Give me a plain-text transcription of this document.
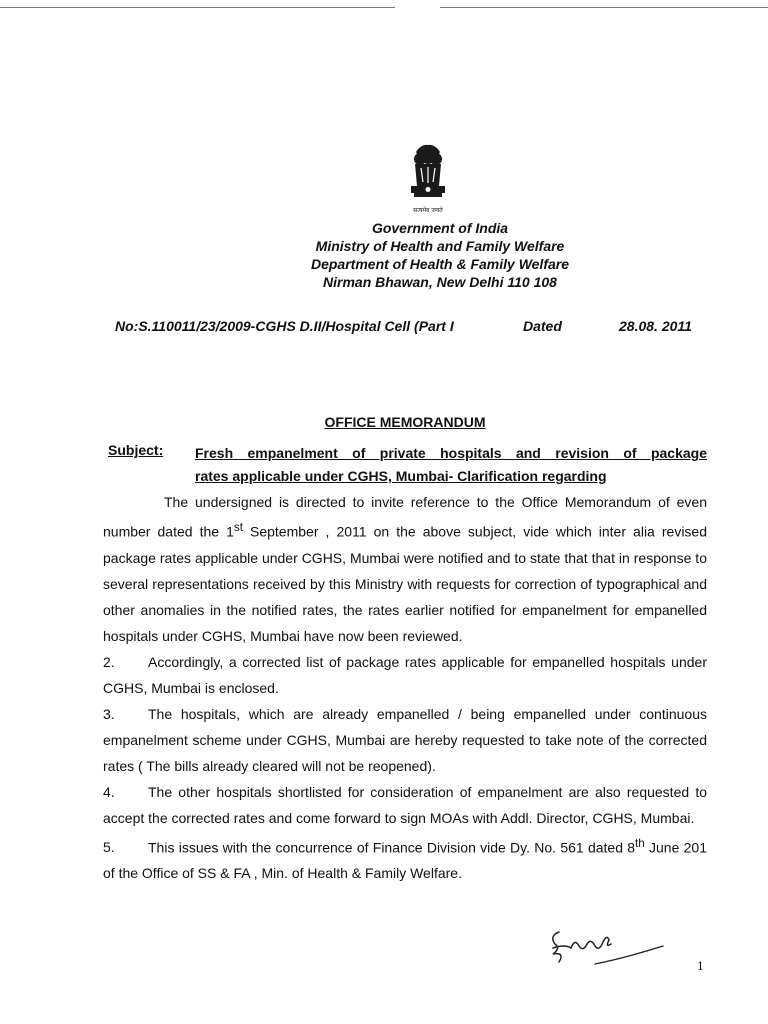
सत्यमेव जयते
Government of India
Ministry of Health and Family Welfare
Department of Health & Family Welfare
Nirman Bhawan, New Delhi 110 108
No:S.110011/23/2009-CGHS D.II/Hospital Cell (Part I	Dated	28.08. 2011
OFFICE MEMORANDUM
Subject: Fresh empanelment of private hospitals and revision of package
rates applicable under CGHS, Mumbai- Clarification regarding

The undersigned is directed to invite reference to the Office Memorandum of even number dated the 1st September , 2011 on the above subject, vide which inter alia revised package rates applicable under CGHS, Mumbai were notified and to state that that in response to several representations received by this Ministry with requests for correction of typographical and other anomalies in the notified rates, the rates earlier notified for empanelment for empanelled hospitals under CGHS, Mumbai have now been reviewed.

2. Accordingly, a corrected list of package rates applicable for empanelled hospitals under CGHS, Mumbai is enclosed.

3. The hospitals, which are already empanelled / being empanelled under continuous empanelment scheme under CGHS, Mumbai are hereby requested to take note of the corrected rates ( The bills already cleared will not be reopened).

4. The other hospitals shortlisted for consideration of empanelment are also requested to accept the corrected rates and come forward to sign MOAs with Addl. Director, CGHS, Mumbai.

5. This issues with the concurrence of Finance Division vide Dy. No. 561 dated 8th June 201 of the Office of SS & FA , Min. of Health & Family Welfare.

1
